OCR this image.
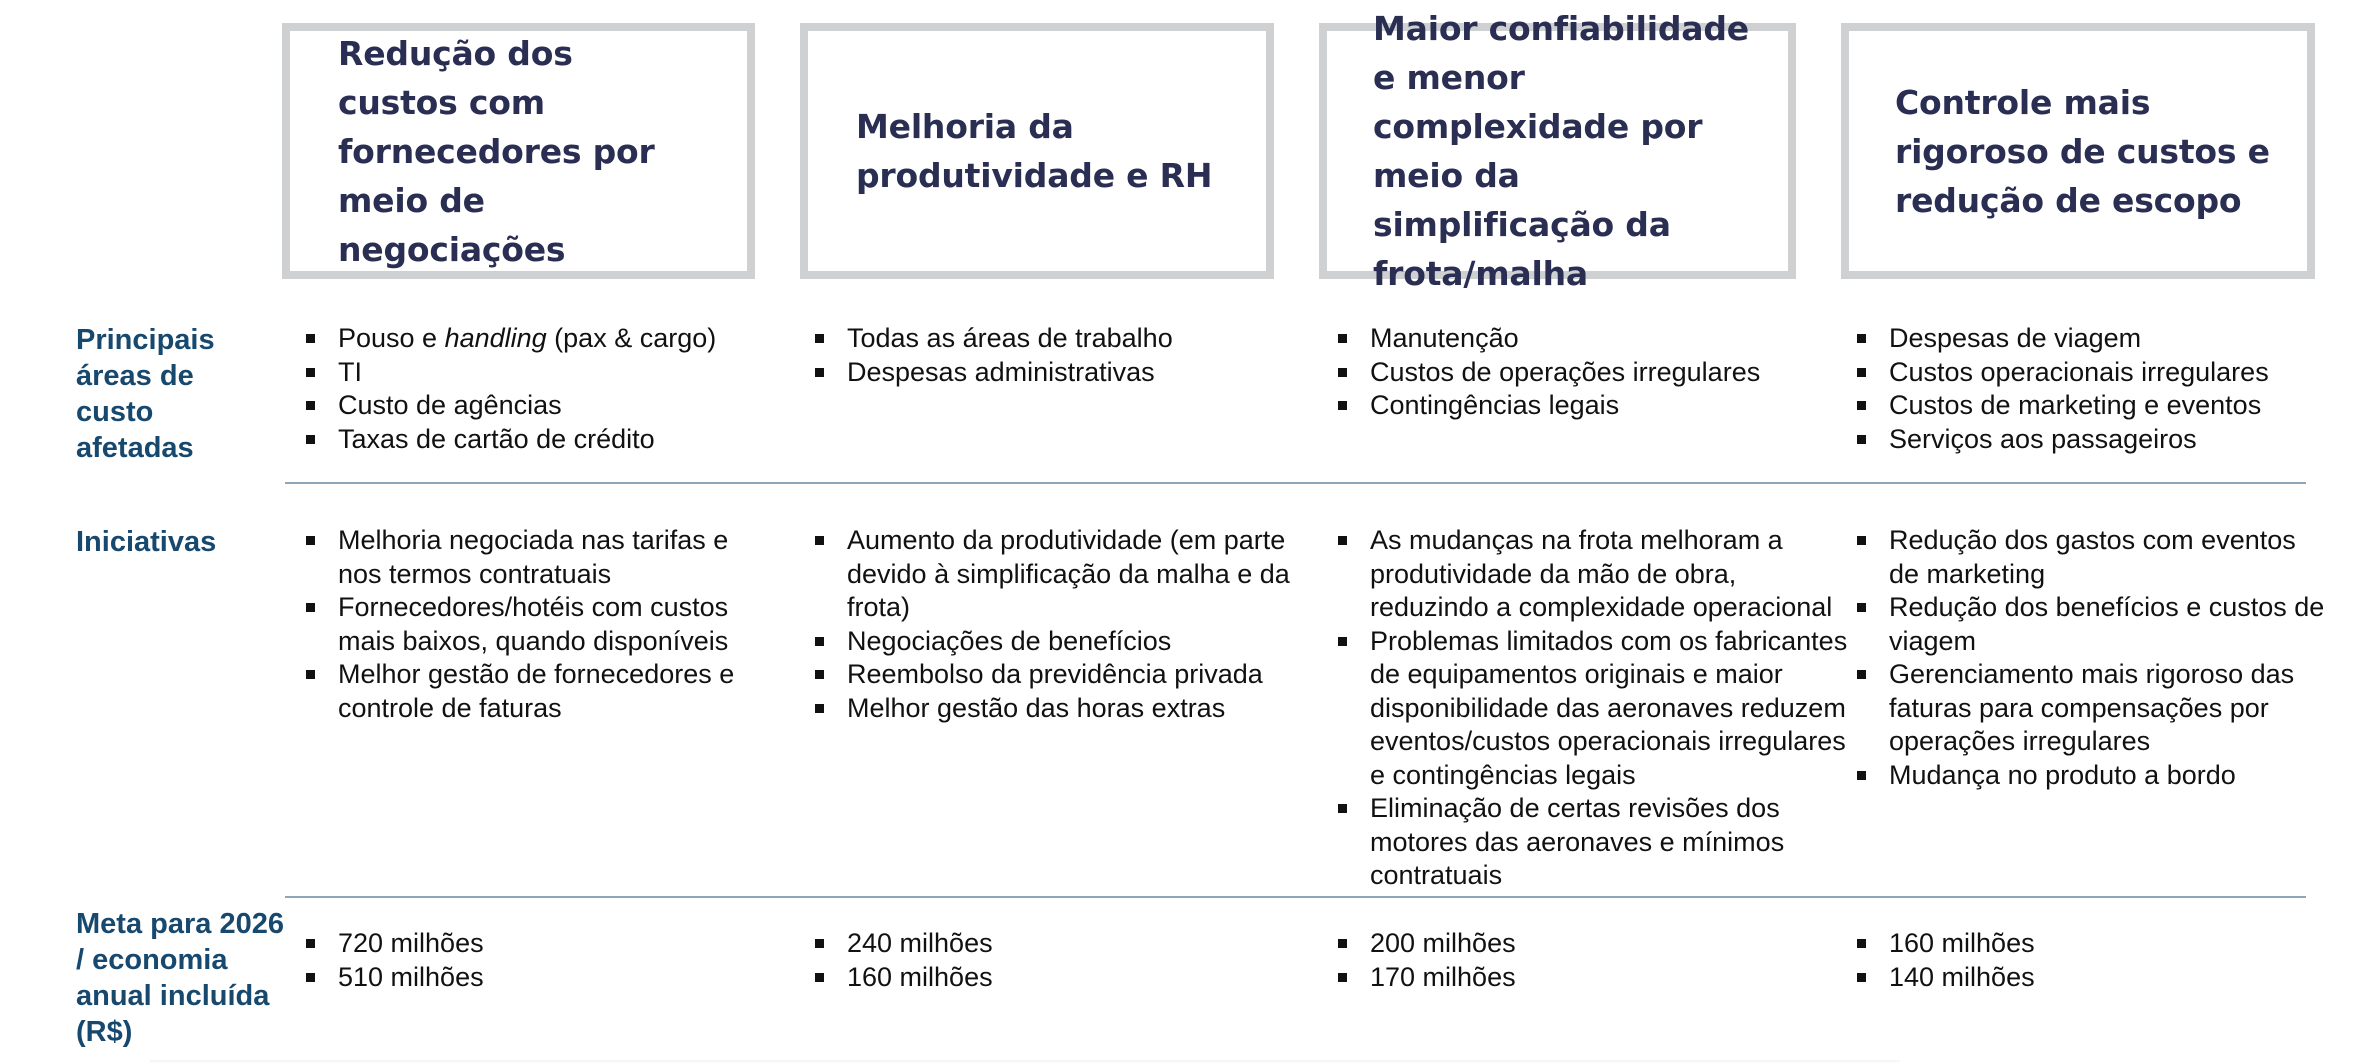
Redução dos custos com fornecedores por meio de negociações

Melhoria da produtividade e RH

Maior confiabilidade e menor complexidade por meio da simplificação da frota/malha

Controle mais rigoroso de custos e redução de escopo

Principais áreas de custo afetadas

Iniciativas

Meta para 2026 / economia anual incluída (R$)

Pouso e handling (pax & cargo)
TI
Custo de agências
Taxas de cartão de crédito
Todas as áreas de trabalho
Despesas administrativas
Manutenção
Custos de operações irregulares
Contingências legais
Despesas de viagem
Custos operacionais irregulares
Custos de marketing e eventos
Serviços aos passageiros
Melhoria negociada nas tarifas e nos termos contratuais
Fornecedores/hotéis com custos mais baixos, quando disponíveis
Melhor gestão de fornecedores e controle de faturas
Aumento da produtividade (em parte devido à simplificação da malha e da frota)
Negociações de benefícios
Reembolso da previdência privada
Melhor gestão das horas extras
As mudanças na frota melhoram a produtividade da mão de obra, reduzindo a complexidade operacional
Problemas limitados com os fabricantes de equipamentos originais e maior disponibilidade das aeronaves reduzem eventos/custos operacionais irregulares e contingências legais
Eliminação de certas revisões dos motores das aeronaves e mínimos contratuais
Redução dos gastos com eventos de marketing
Redução dos benefícios e custos de viagem
Gerenciamento mais rigoroso das faturas para compensações por operações irregulares
Mudança no produto a bordo
720 milhões
510 milhões
240 milhões
160 milhões
200 milhões
170 milhões
160 milhões
140 milhões
